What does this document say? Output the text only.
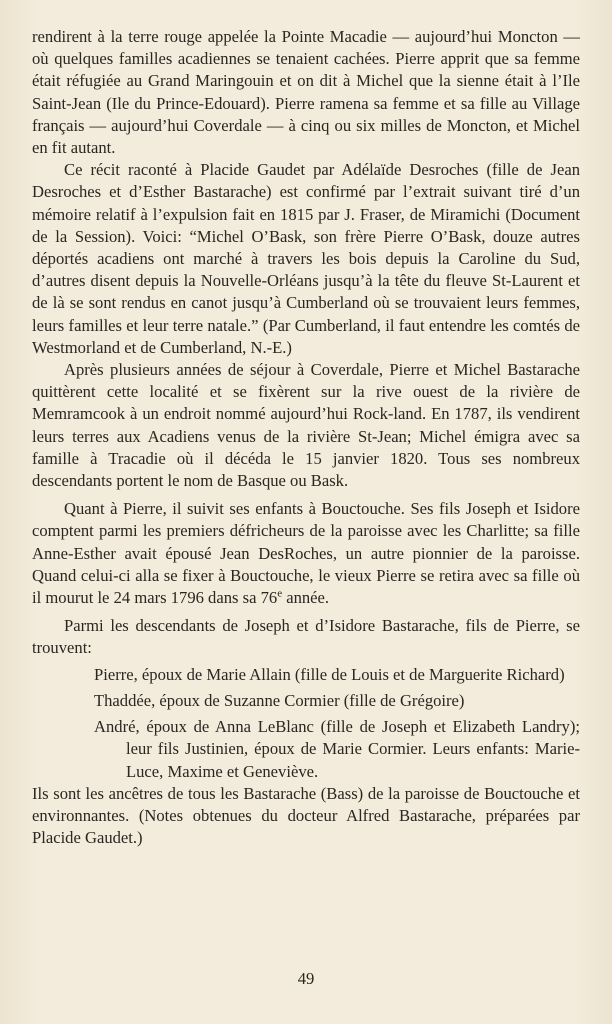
rendirent à la terre rouge appelée la Pointe Macadie — aujourd’hui Moncton — où quelques familles acadiennes se tenaient cachées. Pierre apprit que sa femme était réfugiée au Grand Maringouin et on dit à Michel que la sienne était à l’Ile Saint-Jean (Ile du Prince-Edouard). Pierre ramena sa femme et sa fille au Village français — aujourd’hui Coverdale — à cinq ou six milles de Moncton, et Michel en fit autant.

Ce récit raconté à Placide Gaudet par Adélaïde Desroches (fille de Jean Desroches et d’Esther Bastarache) est confirmé par l’extrait suivant tiré d’un mémoire relatif à l’expulsion fait en 1815 par J. Fraser, de Miramichi (Document de la Session). Voici: “Michel O’Bask, son frère Pierre O’Bask, douze autres déportés acadiens ont marché à travers les bois depuis la Caroline du Sud, d’autres disent depuis la Nouvelle-Orléans jusqu’à la tête du fleuve St-Laurent et de là se sont rendus en canot jusqu’à Cumberland où se trouvaient leurs femmes, leurs familles et leur terre natale.” (Par Cumberland, il faut entendre les comtés de Westmorland et de Cumberland, N.-E.)

Après plusieurs années de séjour à Coverdale, Pierre et Michel Bastarache quittèrent cette localité et se fixèrent sur la rive ouest de la rivière de Memramcook à un endroit nommé aujourd’hui Rock-land. En 1787, ils vendirent leurs terres aux Acadiens venus de la rivière St-Jean; Michel émigra avec sa famille à Tracadie où il décéda le 15 janvier 1820. Tous ses nombreux descendants portent le nom de Basque ou Bask.

Quant à Pierre, il suivit ses enfants à Bouctouche. Ses fils Joseph et Isidore comptent parmi les premiers défricheurs de la paroisse avec les Charlitte; sa fille Anne-Esther avait épousé Jean DesRoches, un autre pionnier de la paroisse. Quand celui-ci alla se fixer à Bouctouche, le vieux Pierre se retira avec sa fille où il mourut le 24 mars 1796 dans sa 76e année.

Parmi les descendants de Joseph et d’Isidore Bastarache, fils de Pierre, se trouvent:

Pierre, époux de Marie Allain (fille de Louis et de Marguerite Richard)

Thaddée, époux de Suzanne Cormier (fille de Grégoire)

André, époux de Anna LeBlanc (fille de Joseph et Elizabeth Landry); leur fils Justinien, époux de Marie Cormier. Leurs enfants: Marie-Luce, Maxime et Geneviève.

Ils sont les ancêtres de tous les Bastarache (Bass) de la paroisse de Bouctouche et environnantes. (Notes obtenues du docteur Alfred Bastarache, préparées par Placide Gaudet.)

49
